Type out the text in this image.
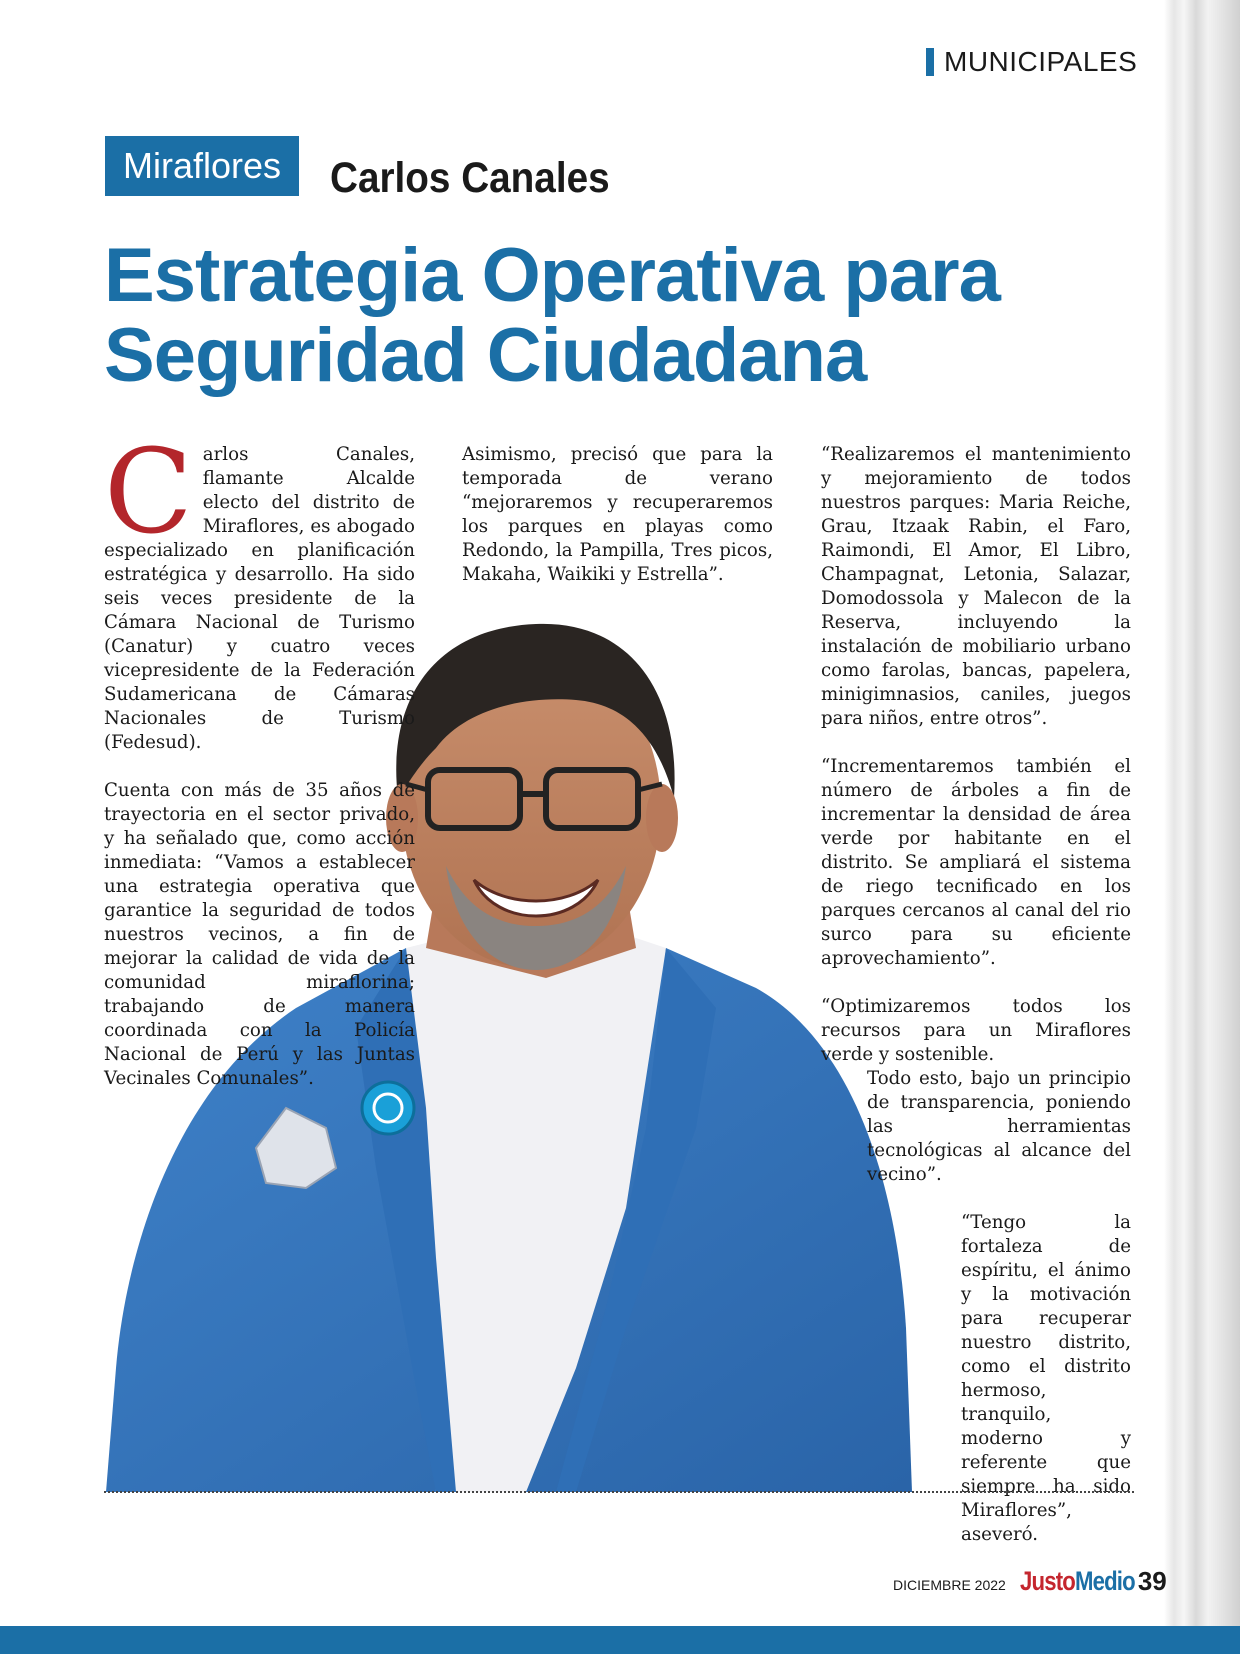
MUNICIPALES
Miraflores	Carlos Canales
Estrategia Operativa para
Seguridad Ciudadana

Carlos Canales, flamante Alcalde electo del distrito de Miraflores, es abogado especializado en planificación estratégica y desarrollo. Ha sido seis veces presidente de la Cámara Nacional de Turismo (Canatur) y cuatro veces vicepresidente de la Federación Sudamericana de Cámaras Nacionales de Turismo (Fedesud).

Cuenta con más de 35 años de trayectoria en el sector privado, y ha señalado que, como acción inmediata: “Vamos a establecer una estrategia operativa que garantice la seguridad de todos nuestros vecinos, a fin de mejorar la calidad de vida de la comunidad miraflorina; trabajando de manera coordinada con la Policía Nacional de Perú y las Juntas Vecinales Comunales”.

Asimismo, precisó que para la temporada de verano “mejoraremos y recuperaremos los parques en playas como Redondo, la Pampilla, Tres picos, Makaha, Waikiki y Estrella”.

“Realizaremos el mantenimiento y mejoramiento de todos nuestros parques: Maria Reiche, Grau, Itzaak Rabin, el Faro, Raimondi, El Amor, El Libro, Champagnat, Letonia, Salazar, Domodossola y Malecon de la Reserva, incluyendo la instalación de mobiliario urbano como farolas, bancas, papelera, minigimnasios, caniles, juegos para niños, entre otros”.

“Incrementaremos también el número de árboles a fin de incrementar la densidad de área verde por habitante en el distrito. Se ampliará el sistema de riego tecnificado en los parques cercanos al canal del rio surco para su eficiente aprovechamiento”.

“Optimizaremos todos los recursos para un Miraflores verde y sostenible.

Todo esto, bajo un principio de transparencia, poniendo las herramientas tecnológicas al alcance del vecino”.

“Tengo la fortaleza de espíritu, el ánimo y la motivación para recuperar nuestro distrito, como el distrito hermoso, tranquilo, moderno y referente que siempre ha sido Miraflores”, aseveró.

DICIEMBRE 2022 JustoMedio 39
